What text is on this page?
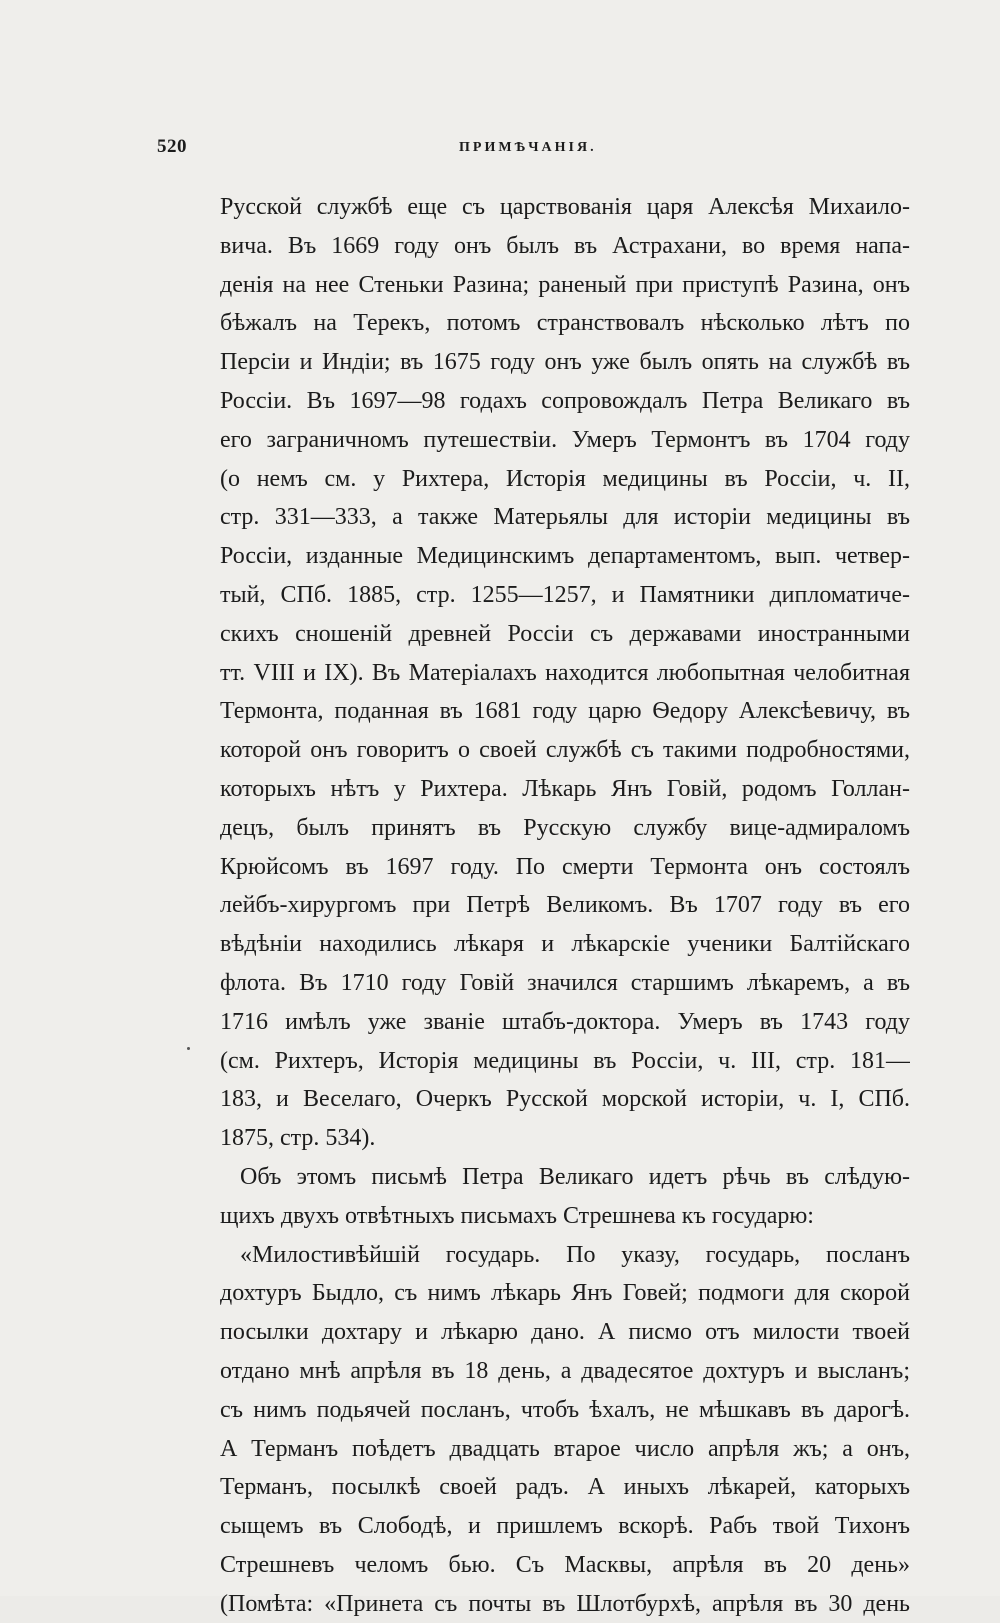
520	ПРИМѢЧАНІЯ.
Русской службѣ еще съ царствованія царя Алексѣя Михаило-
вича. Въ 1669 году онъ былъ въ Астрахани, во время напа-
денія на нее Стеньки Разина; раненый при приступѣ Разина, онъ
бѣжалъ на Терекъ, потомъ странствовалъ нѣсколько лѣтъ по
Персіи и Индіи; въ 1675 году онъ уже былъ опять на службѣ въ
Россіи. Въ 1697—98 годахъ сопровождалъ Петра Великаго въ
его заграничномъ путешествіи. Умеръ Термонтъ въ 1704 году
(о немъ см. у Рихтера, Исторія медицины въ Россіи, ч. II,
стр. 331—333, а также Матерьялы для исторіи медицины въ
Россіи, изданные Медицинскимъ департаментомъ, вып. четвер-
тый, СПб. 1885, стр. 1255—1257, и Памятники дипломатиче-
скихъ сношеній древней Россіи съ державами иностранными
тт. VIII и IX). Въ Матеріалахъ находится любопытная челобитная
Термонта, поданная въ 1681 году царю Ѳедору Алексѣевичу, въ
которой онъ говоритъ о своей службѣ съ такими подробностями,
которыхъ нѣтъ у Рихтера. Лѣкарь Янъ Говій, родомъ Голлан-
децъ, былъ принятъ въ Русскую службу вице-адмираломъ
Крюйсомъ въ 1697 году. По смерти Термонта онъ состоялъ
лейбъ-хирургомъ при Петрѣ Великомъ. Въ 1707 году въ его
вѣдѣніи находились лѣкаря и лѣкарскіе ученики Балтійскаго
флота. Въ 1710 году Говій значился старшимъ лѣкаремъ, а въ
1716 имѣлъ уже званіе штабъ-доктора. Умеръ въ 1743 году
(см. Рихтеръ, Исторія медицины въ Россіи, ч. III, стр. 181—
183, и Веселаго, Очеркъ Русской морской исторіи, ч. I, СПб.
1875, стр. 534).
Объ этомъ письмѣ Петра Великаго идетъ рѣчь въ слѣдую-
щихъ двухъ отвѣтныхъ письмахъ Стрешнева къ государю:
«Милостивѣйшій государь. По указу, государь, посланъ
дохтуръ Быдло, съ нимъ лѣкарь Янъ Говей; подмоги для скорой
посылки дохтару и лѣкарю дано. А писмо отъ милости твоей
отдано мнѣ апрѣля въ 18 день, а двадесятое дохтуръ и высланъ;
съ нимъ подьячей посланъ, чтобъ ѣхалъ, не мѣшкавъ въ дарогѣ.
А Терманъ поѣдетъ двадцать втарое число апрѣля жъ; а онъ,
Терманъ, посылкѣ своей радъ. А иныхъ лѣкарей, каторыхъ
сыщемъ въ Слободѣ, и пришлемъ вскорѣ. Рабъ твой Тихонъ
Стрешневъ челомъ бью. Съ Масквы, апрѣля въ 20 день»
(Помѣта: «Принета съ почты въ Шлотбурхѣ, апрѣля въ 30 день
